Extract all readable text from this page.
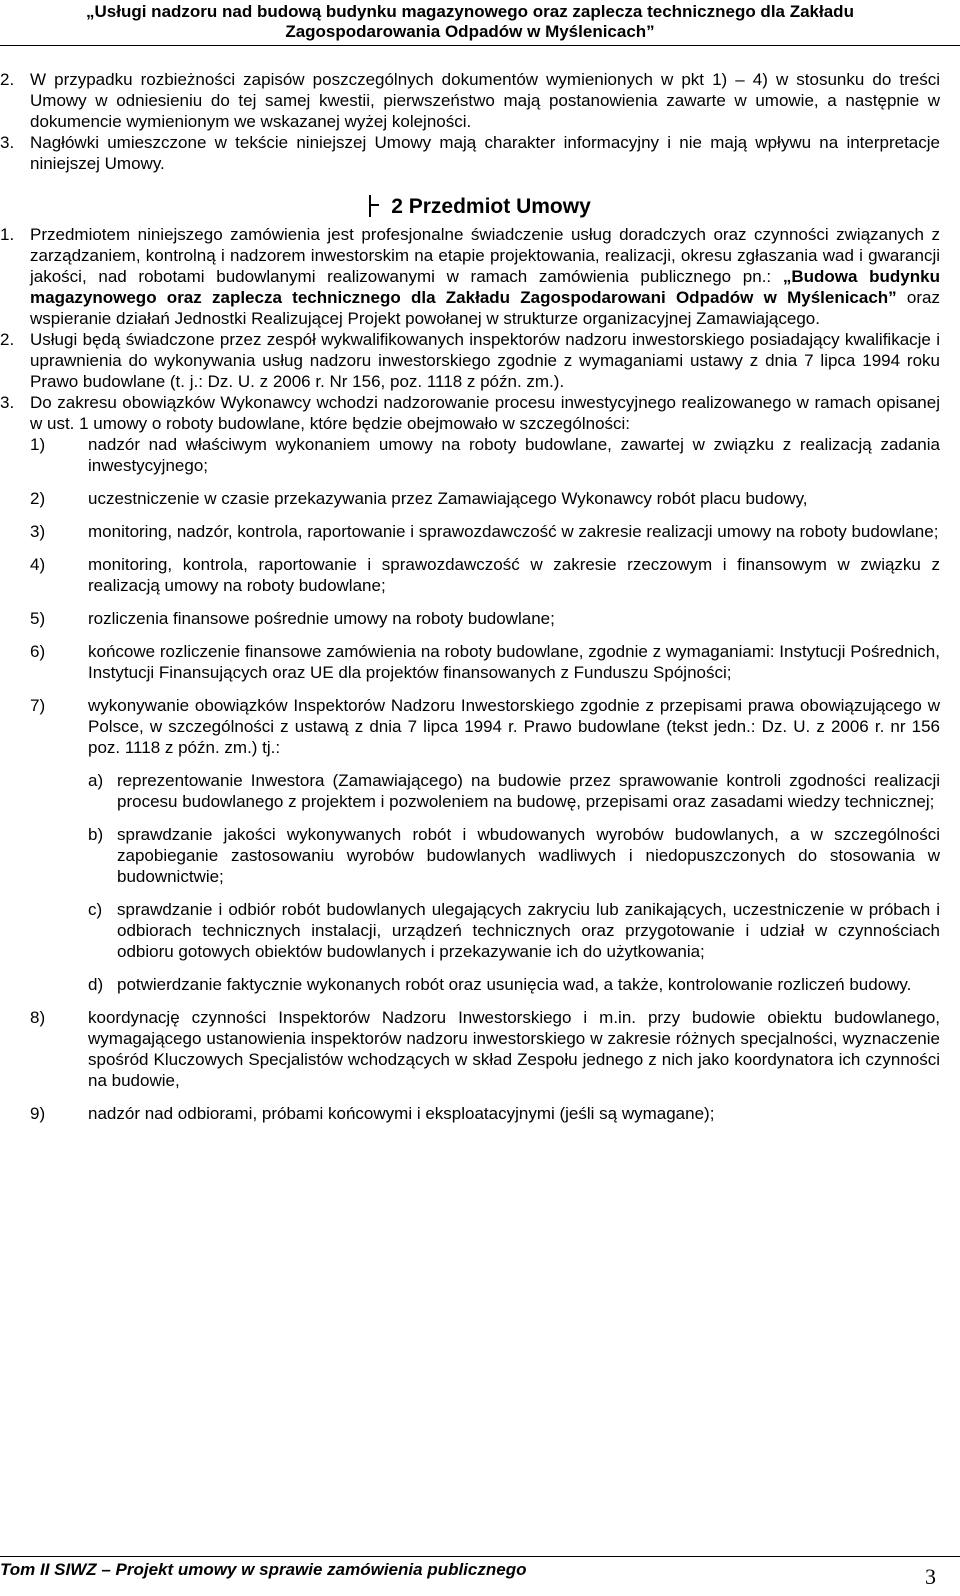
„Usługi nadzoru nad budową budynku magazynowego oraz zaplecza technicznego dla Zakładu
Zagospodarowania Odpadów w Myślenicach”
2. W przypadku rozbieżności zapisów poszczególnych dokumentów wymienionych w pkt 1) – 4) w stosunku do treści Umowy w odniesieniu do tej samej kwestii, pierwszeństwo mają postanowienia zawarte w umowie, a następnie w dokumencie wymienionym we wskazanej wyżej kolejności.
3. Nagłówki umieszczone w tekście niniejszej Umowy mają charakter informacyjny i nie mają wpływu na interpretacje niniejszej Umowy.
2 Przedmiot Umowy
1. Przedmiotem niniejszego zamówienia jest profesjonalne świadczenie usług doradczych oraz czynności związanych z zarządzaniem, kontrolną i nadzorem inwestorskim na etapie projektowania, realizacji, okresu zgłaszania wad i gwarancji jakości, nad robotami budowlanymi realizowanymi w ramach zamówienia publicznego pn.: „Budowa budynku magazynowego oraz zaplecza technicznego dla Zakładu Zagospodarowani Odpadów w Myślenicach” oraz wspieranie działań Jednostki Realizującej Projekt powołanej w strukturze organizacyjnej Zamawiającego.
2. Usługi będą świadczone przez zespół wykwalifikowanych inspektorów nadzoru inwestorskiego posiadający kwalifikacje i uprawnienia do wykonywania usług nadzoru inwestorskiego zgodnie z wymaganiami ustawy z dnia 7 lipca 1994 roku Prawo budowlane (t. j.: Dz. U. z 2006 r. Nr 156, poz. 1118 z późn. zm.).
3. Do zakresu obowiązków Wykonawcy wchodzi nadzorowanie procesu inwestycyjnego realizowanego w ramach opisanej w ust. 1 umowy o roboty budowlane, które będzie obejmowało w szczególności:
1)	nadzór nad właściwym wykonaniem umowy na roboty budowlane, zawartej w związku z realizacją zadania inwestycyjnego;
2)	uczestniczenie w czasie przekazywania przez Zamawiającego Wykonawcy robót placu budowy,
3)	monitoring, nadzór, kontrola, raportowanie i sprawozdawczość w zakresie realizacji umowy na roboty budowlane;
4)	monitoring, kontrola, raportowanie i sprawozdawczość w zakresie rzeczowym i finansowym w związku z realizacją umowy na roboty budowlane;
5)	rozliczenia finansowe pośrednie umowy na roboty budowlane;
6)	końcowe rozliczenie finansowe zamówienia na roboty budowlane, zgodnie z wymaganiami: Instytucji Pośrednich, Instytucji Finansujących oraz UE dla projektów finansowanych z Funduszu Spójności;
7)	wykonywanie obowiązków Inspektorów Nadzoru Inwestorskiego zgodnie z przepisami prawa obowiązującego w Polsce, w szczególności z ustawą z dnia 7 lipca 1994 r. Prawo budowlane (tekst jedn.: Dz. U. z 2006 r. nr 156 poz. 1118 z późn. zm.) tj.:
a) reprezentowanie Inwestora (Zamawiającego) na budowie przez sprawowanie kontroli zgodności realizacji procesu budowlanego z projektem i pozwoleniem na budowę, przepisami oraz zasadami wiedzy technicznej;
b) sprawdzanie jakości wykonywanych robót i wbudowanych wyrobów budowlanych, a w szczególności zapobieganie zastosowaniu wyrobów budowlanych wadliwych i niedopuszczonych do stosowania w budownictwie;
c) sprawdzanie i odbiór robót budowlanych ulegających zakryciu lub zanikających, uczestniczenie w próbach i odbiorach technicznych instalacji, urządzeń technicznych oraz przygotowanie i udział w czynnościach odbioru gotowych obiektów budowlanych i przekazywanie ich do użytkowania;
d) potwierdzanie faktycznie wykonanych robót oraz usunięcia wad, a także, kontrolowanie rozliczeń budowy.
8)	koordynację czynności Inspektorów Nadzoru Inwestorskiego i m.in. przy budowie obiektu budowlanego, wymagającego ustanowienia inspektorów nadzoru inwestorskiego w zakresie różnych specjalności, wyznaczenie spośród Kluczowych Specjalistów wchodzących w skład Zespołu jednego z nich jako koordynatora ich czynności na budowie,
9)	nadzór nad odbiorami, próbami końcowymi i eksploatacyjnymi (jeśli są wymagane);
Tom II SIWZ – Projekt umowy w sprawie zamówienia publicznego	3
